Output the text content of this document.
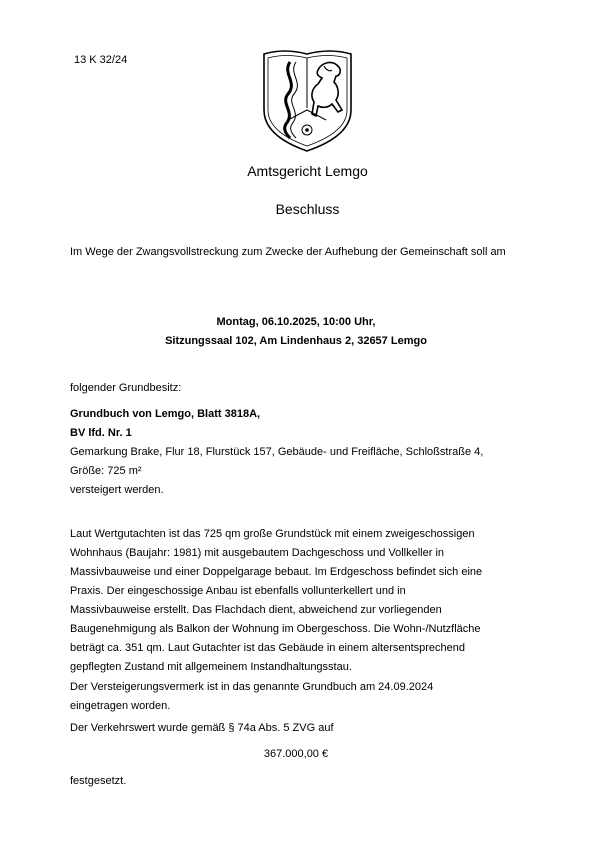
13 K 32/24
Amtsgericht Lemgo
Beschluss
Im Wege der Zwangsvollstreckung zum Zwecke der Aufhebung der Gemeinschaft soll am
Montag, 06.10.2025, 10:00 Uhr,
Sitzungssaal 102, Am Lindenhaus 2, 32657 Lemgo
folgender Grundbesitz:
Grundbuch von Lemgo, Blatt 3818A,
BV lfd. Nr. 1
Gemarkung Brake, Flur 18, Flurstück 157, Gebäude- und Freifläche, Schloßstraße 4,
Größe: 725 m²
versteigert werden.
Laut Wertgutachten ist das 725 qm große Grundstück mit einem zweigeschossigen
Wohnhaus (Baujahr: 1981) mit ausgebautem Dachgeschoss und Vollkeller in
Massivbauweise und einer Doppelgarage bebaut. Im Erdgeschoss befindet sich eine
Praxis. Der eingeschossige Anbau ist ebenfalls vollunterkellert und in
Massivbauweise erstellt. Das Flachdach dient, abweichend zur vorliegenden
Baugenehmigung als Balkon der Wohnung im Obergeschoss. Die Wohn-/Nutzfläche
beträgt ca. 351 qm. Laut Gutachter ist das Gebäude in einem altersentsprechend
gepflegten Zustand mit allgemeinem Instandhaltungsstau.
Der Versteigerungsvermerk ist in das genannte Grundbuch am 24.09.2024
eingetragen worden.
Der Verkehrswert wurde gemäß § 74a Abs. 5 ZVG auf
367.000,00 €
festgesetzt.
